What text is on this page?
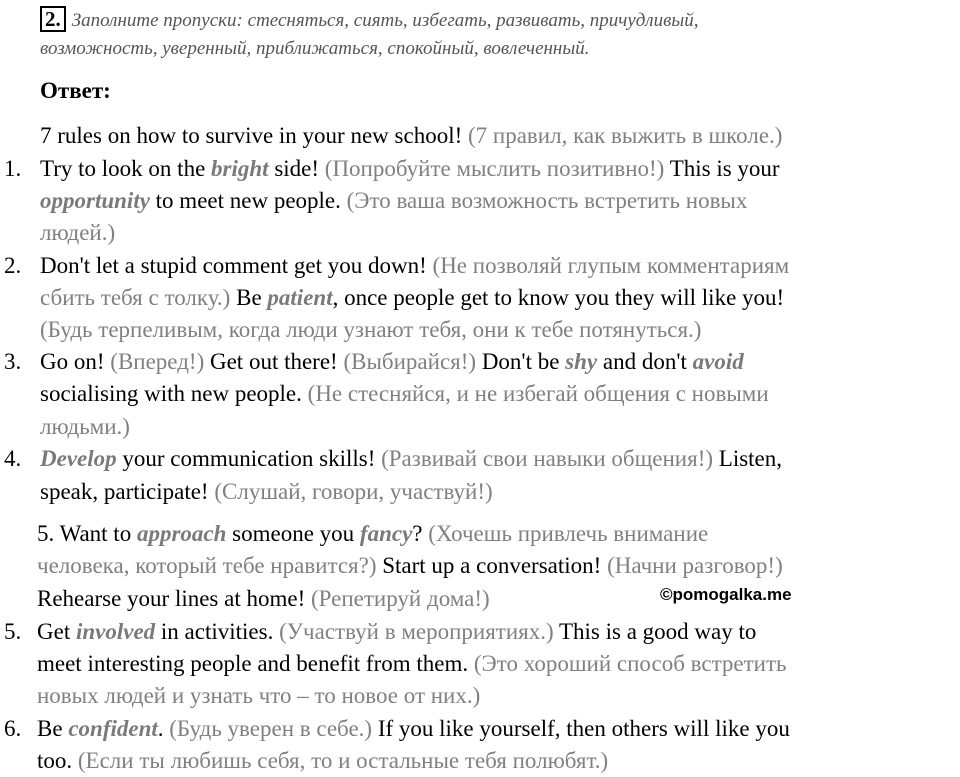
2. Заполните пропуски: стесняться, сиять, избегать, развивать, причудливый,
возможность, уверенный, приближаться, спокойный, вовлеченный.
Ответ:
1.
2.
3.
4.
5.
6.
7 rules on how to survive in your new school! (7 правил, как выжить в школе.)
Try to look on the bright side! (Попробуйте мыслить позитивно!) This is your
opportunity to meet new people. (Это ваша возможность встретить новых
людей.)
Don't let a stupid comment get you down! (Не позволяй глупым комментариям
сбить тебя с толку.) Be patient, once people get to know you they will like you!
(Будь терпеливым, когда люди узнают тебя, они к тебе потянуться.)
Go on! (Вперед!) Get out there! (Выбирайся!) Don't be shy and don't avoid
socialising with new people. (Не стесняйся, и не избегай общения с новыми
людьми.)
Develop your communication skills! (Развивай свои навыки общения!) Listen,
speak, participate! (Слушай, говори, участвуй!)
5. Want to approach someone you fancy? (Хочешь привлечь внимание
человека, который тебе нравится?) Start up a conversation! (Начни разговор!)
Rehearse your lines at home! (Репетируй дома!)	©pomogalka.me
Get involved in activities. (Участвуй в мероприятиях.) This is a good way to
meet interesting people and benefit from them. (Это хороший способ встретить
новых людей и узнать что – то новое от них.)
Be confident. (Будь уверен в себе.) If you like yourself, then others will like you
too. (Если ты любишь себя, то и остальные тебя полюбят.)
